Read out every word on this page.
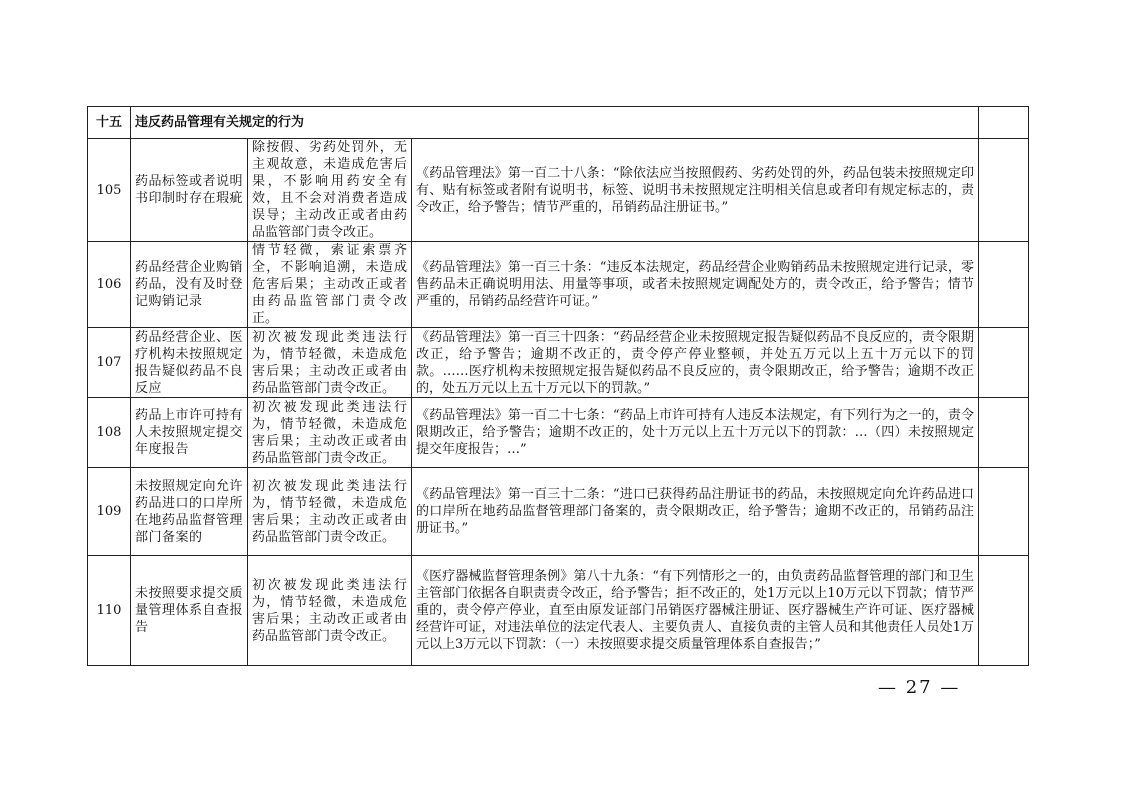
十五	违反药品管理有关规定的行为			
105	药品标签或者说明书印制时存在瑕疵	除按假、劣药处罚外，无主观故意，未造成危害后果，不影响用药安全有效，且不会对消费者造成误导；主动改正或者由药品监管部门责令改正。	《药品管理法》第一百二十八条：“除依法应当按照假药、劣药处罚的外，药品包装未按照规定印有、贴有标签或者附有说明书，标签、说明书未按照规定注明相关信息或者印有规定标志的，责令改正，给予警告；情节严重的，吊销药品注册证书。”	
106	药品经营企业购销药品，没有及时登记购销记录	情节轻微，索证索票齐全，不影响追溯，未造成危害后果；主动改正或者由药品监管部门责令改正。	《药品管理法》第一百三十条：“违反本法规定，药品经营企业购销药品未按照规定进行记录，零售药品未正确说明用法、用量等事项，或者未按照规定调配处方的，责令改正，给予警告；情节严重的，吊销药品经营许可证。”	
107	药品经营企业、医疗机构未按照规定报告疑似药品不良反应	初次被发现此类违法行为，情节轻微，未造成危害后果；主动改正或者由药品监管部门责令改正。	《药品管理法》第一百三十四条：“药品经营企业未按照规定报告疑似药品不良反应的，责令限期改正，给予警告；逾期不改正的，责令停产停业整顿，并处五万元以上五十万元以下的罚款。……医疗机构未按照规定报告疑似药品不良反应的，责令限期改正，给予警告；逾期不改正的，处五万元以上五十万元以下的罚款。”	
108	药品上市许可持有人未按照规定提交年度报告	初次被发现此类违法行为，情节轻微，未造成危害后果；主动改正或者由药品监管部门责令改正。	《药品管理法》第一百二十七条：“药品上市许可持有人违反本法规定，有下列行为之一的，责令限期改正，给予警告；逾期不改正的，处十万元以上五十万元以下的罚款：…（四）未按照规定提交年度报告；…”	
109	未按照规定向允许药品进口的口岸所在地药品监督管理部门备案的	初次被发现此类违法行为，情节轻微，未造成危害后果；主动改正或者由药品监管部门责令改正。	《药品管理法》第一百三十二条：“进口已获得药品注册证书的药品，未按照规定向允许药品进口的口岸所在地药品监督管理部门备案的，责令限期改正，给予警告；逾期不改正的，吊销药品注册证书。”	
110	未按照要求提交质量管理体系自查报告	初次被发现此类违法行为，情节轻微，未造成危害后果；主动改正或者由药品监管部门责令改正。	《医疗器械监督管理条例》第八十九条：“有下列情形之一的，由负责药品监督管理的部门和卫生主管部门依据各自职责责令改正，给予警告；拒不改正的，处1万元以上10万元以下罚款；情节严重的，责令停产停业，直至由原发证部门吊销医疗器械注册证、医疗器械生产许可证、医疗器械经营许可证，对违法单位的法定代表人、主要负责人、直接负责的主管人员和其他责任人员处1万元以上3万元以下罚款：（一）未按照要求提交质量管理体系自查报告；”	
— 27 —
